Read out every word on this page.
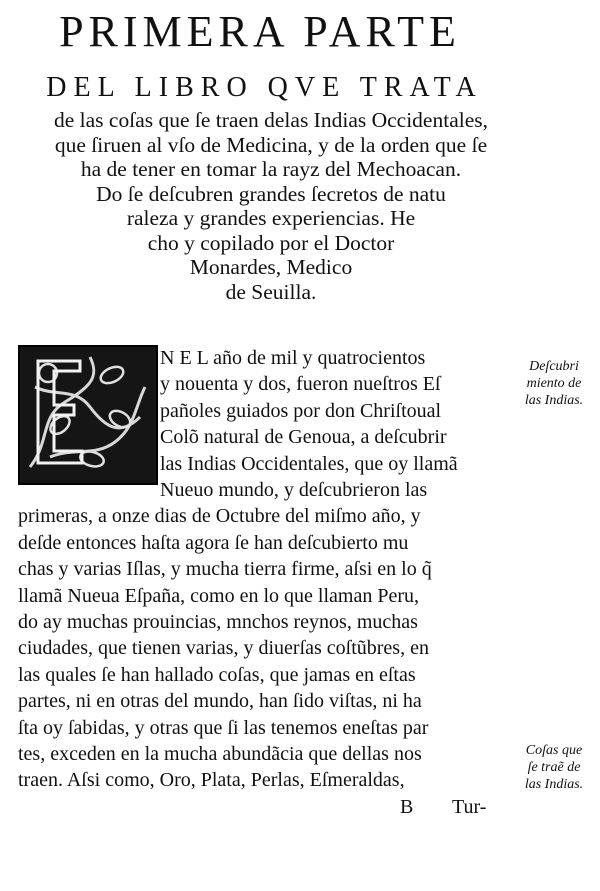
PRIMERA PARTE
DEL LIBRO QVE TRATA
de las coſas que ſe traen delas Indias Occidentales,
que ſiruen al vſo de Medicina, y de la orden que ſe
ha de tener en tomar la rayz del Mechoacan.
Do ſe deſcubren grandes ſecretos de natu
raleza y grandes experiencias. He
cho y copilado por el Doctor
Monardes, Medico
de Seuilla.
N E L año de mil y quatrocientos
y nouenta y dos, fueron nueſtros Eſ
pañoles guiados por don Chriſtoual
Colõ natural de Genoua, a deſcubrir
las Indias Occidentales, que oy llamã
Nueuo mundo, y deſcubrieron las
primeras, a onze dias de Octubre del miſmo año, y
deſde entonces haſta agora ſe han deſcubierto mu
chas y varias Iſlas, y mucha tierra firme, aſsi en lo q̃
llamã Nueua Eſpaña, como en lo que llaman Peru,
do ay muchas prouincias, mnchos reynos, muchas
ciudades, que tienen varias, y diuerſas coſtũbres, en
las quales ſe han hallado coſas, que jamas en eſtas
partes, ni en otras del mundo, han ſido viſtas, ni ha
ſta oy ſabidas, y otras que ſi las tenemos eneſtas par
tes, exceden en la mucha abundãcia que dellas nos
traen. Aſsi como, Oro, Plata, Perlas, Eſmeraldas,
B Tur-
Deſcubri
miento de
las Indias.
Coſas que
ſe traẽ de
las Indias.
